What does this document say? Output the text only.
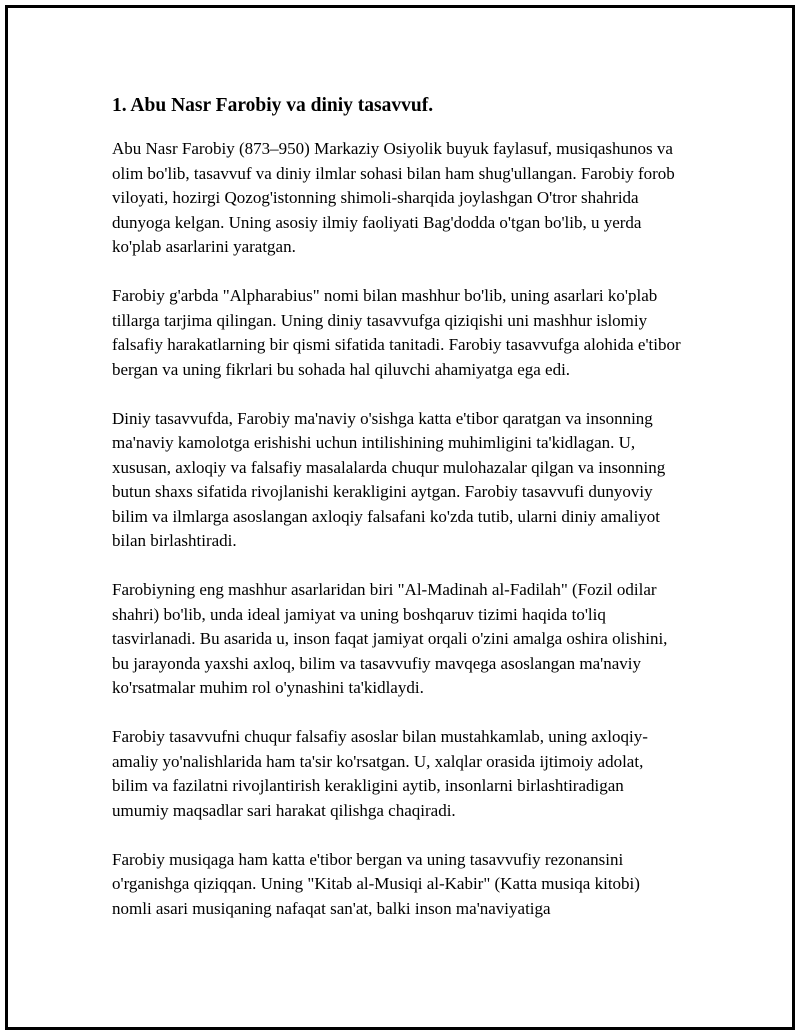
1. Abu Nasr Farobiy va diniy tasavvuf.

Abu Nasr Farobiy (873–950) Markaziy Osiyolik buyuk faylasuf, musiqashunos va olim bo'lib, tasavvuf va diniy ilmlar sohasi bilan ham shug'ullangan. Farobiy forob viloyati, hozirgi Qozog'istonning shimoli-sharqida joylashgan O'tror shahrida dunyoga kelgan. Uning asosiy ilmiy faoliyati Bag'dodda o'tgan bo'lib, u yerda ko'plab asarlarini yaratgan.

Farobiy g'arbda "Alpharabius" nomi bilan mashhur bo'lib, uning asarlari ko'plab tillarga tarjima qilingan. Uning diniy tasavvufga qiziqishi uni mashhur islomiy falsafiy harakatlarning bir qismi sifatida tanitadi. Farobiy tasavvufga alohida e'tibor bergan va uning fikrlari bu sohada hal qiluvchi ahamiyatga ega edi.

Diniy tasavvufda, Farobiy ma'naviy o'sishga katta e'tibor qaratgan va insonning ma'naviy kamolotga erishishi uchun intilishining muhimligini ta'kidlagan. U, xususan, axloqiy va falsafiy masalalarda chuqur mulohazalar qilgan va insonning butun shaxs sifatida rivojlanishi kerakligini aytgan. Farobiy tasavvufi dunyoviy bilim va ilmlarga asoslangan axloqiy falsafani ko'zda tutib, ularni diniy amaliyot bilan birlashtiradi.

Farobiyning eng mashhur asarlaridan biri "Al-Madinah al-Fadilah" (Fozil odilar shahri) bo'lib, unda ideal jamiyat va uning boshqaruv tizimi haqida to'liq tasvirlanadi. Bu asarida u, inson faqat jamiyat orqali o'zini amalga oshira olishini, bu jarayonda yaxshi axloq, bilim va tasavvufiy mavqega asoslangan ma'naviy ko'rsatmalar muhim rol o'ynashini ta'kidlaydi.

Farobiy tasavvufni chuqur falsafiy asoslar bilan mustahkamlab, uning axloqiy-amaliy yo'nalishlarida ham ta'sir ko'rsatgan. U, xalqlar orasida ijtimoiy adolat, bilim va fazilatni rivojlantirish kerakligini aytib, insonlarni birlashtiradigan umumiy maqsadlar sari harakat qilishga chaqiradi.

Farobiy musiqaga ham katta e'tibor bergan va uning tasavvufiy rezonansini o'rganishga qiziqqan. Uning "Kitab al-Musiqi al-Kabir" (Katta musiqa kitobi) nomli asari musiqaning nafaqat san'at, balki inson ma'naviyatiga
